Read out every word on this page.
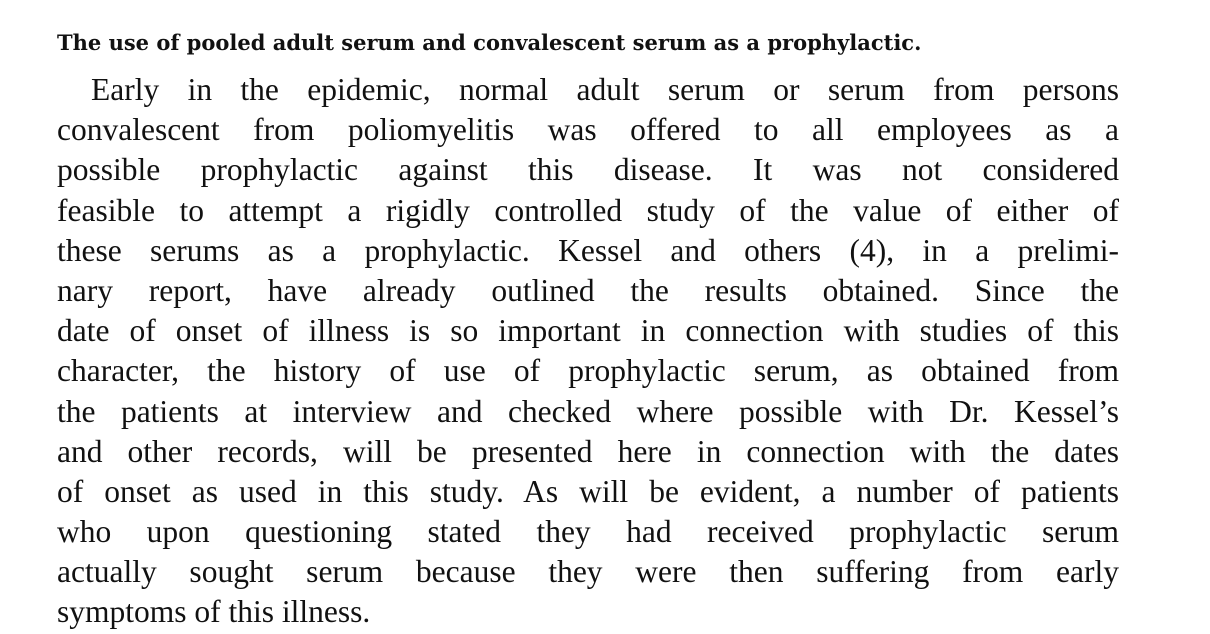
The use of pooled adult serum and convalescent serum as a prophylactic.
Early in the epidemic, normal adult serum or serum from persons
convalescent from poliomyelitis was offered to all employees as a
possible prophylactic against this disease. It was not considered
feasible to attempt a rigidly controlled study of the value of either of
these serums as a prophylactic. Kessel and others (4), in a prelimi-
nary report, have already outlined the results obtained. Since the
date of onset of illness is so important in connection with studies of this
character, the history of use of prophylactic serum, as obtained from
the patients at interview and checked where possible with Dr. Kessel’s
and other records, will be presented here in connection with the dates
of onset as used in this study. As will be evident, a number of patients
who upon questioning stated they had received prophylactic serum
actually sought serum because they were then suffering from early
symptoms of this illness.
